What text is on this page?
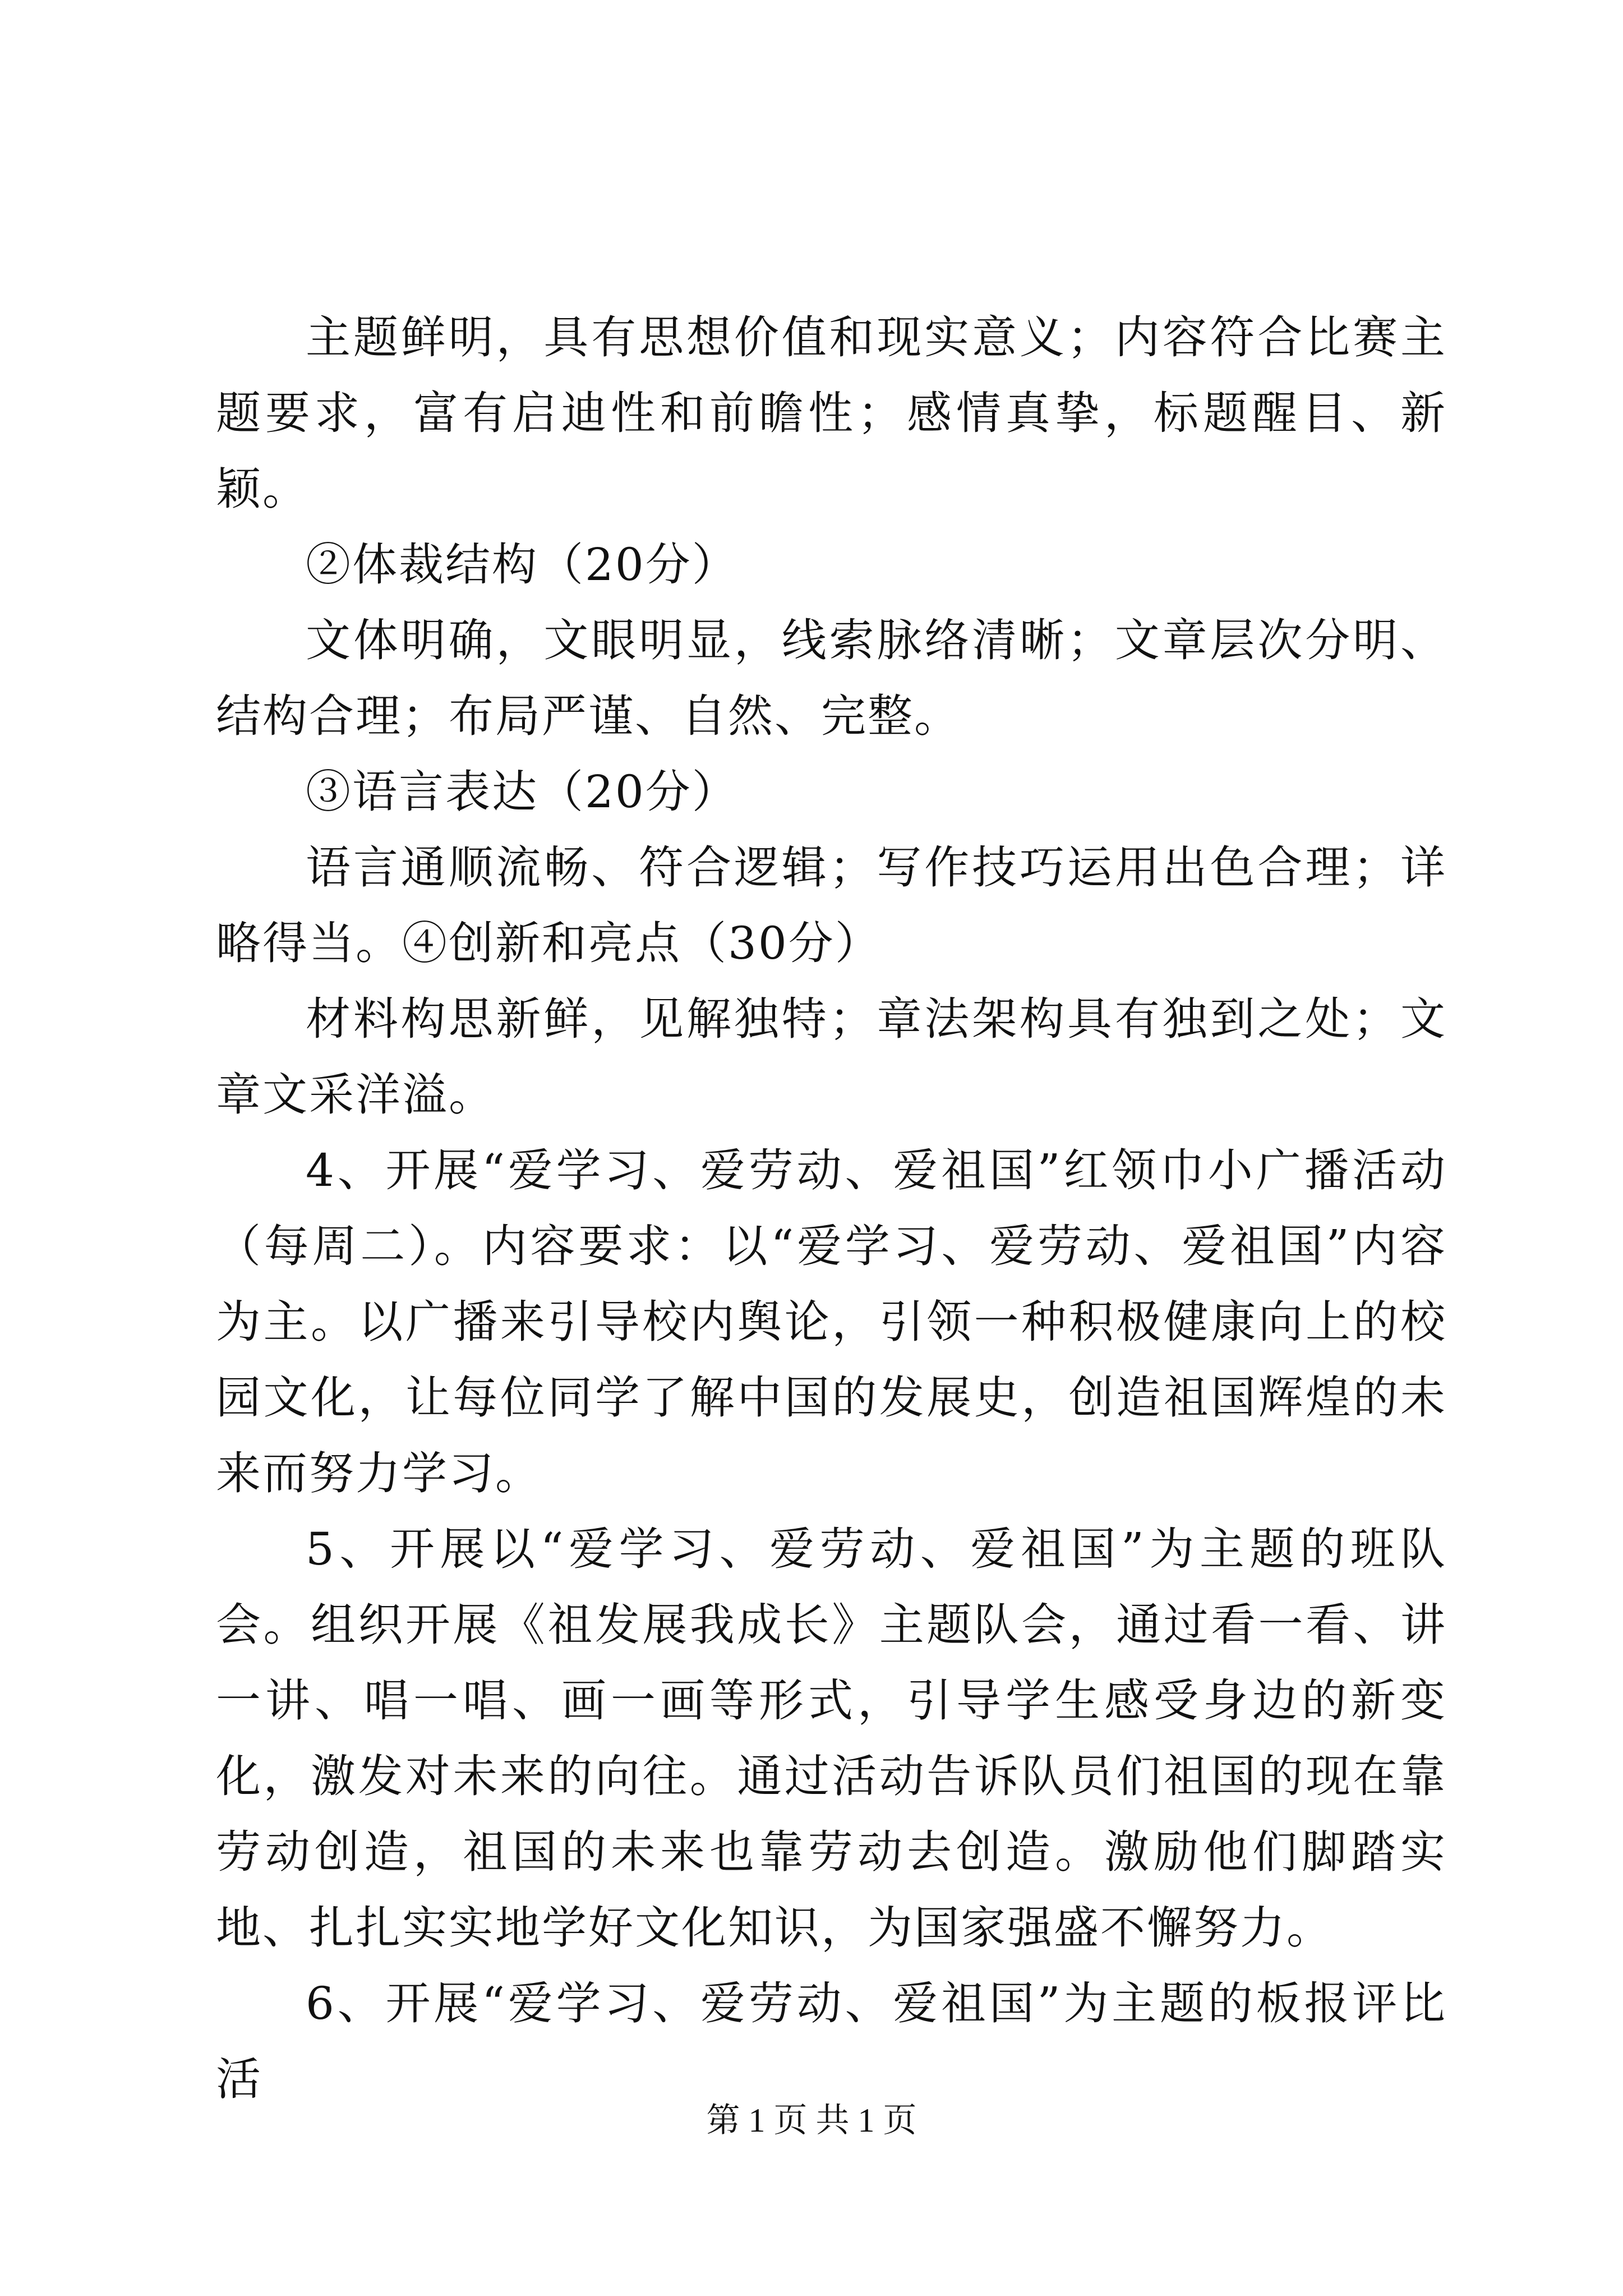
主题鲜明，具有思想价值和现实意义；内容符合比赛主题要求，富有启迪性和前瞻性；感情真挚，标题醒目、新颖。

②体裁结构（20分）

文体明确，文眼明显，线索脉络清晰；文章层次分明、结构合理；布局严谨、自然、完整。

③语言表达（20分）

语言通顺流畅、符合逻辑；写作技巧运用出色合理；详略得当。④创新和亮点（30分）

材料构思新鲜，见解独特；章法架构具有独到之处；文章文采洋溢。

4、开展“爱学习、爱劳动、爱祖国”红领巾小广播活动（每周二）。内容要求：以“爱学习、爱劳动、爱祖国”内容为主。以广播来引导校内舆论，引领一种积极健康向上的校园文化，让每位同学了解中国的发展史，创造祖国辉煌的未来而努力学习。

5、开展以“爱学习、爱劳动、爱祖国”为主题的班队会。组织开展《祖发展我成长》主题队会，通过看一看、讲一讲、唱一唱、画一画等形式，引导学生感受身边的新变化，激发对未来的向往。通过活动告诉队员们祖国的现在靠劳动创造，祖国的未来也靠劳动去创造。激励他们脚踏实地、扎扎实实地学好文化知识，为国家强盛不懈努力。

6、开展“爱学习、爱劳动、爱祖国”为主题的板报评比活

第 1 页 共 1 页
